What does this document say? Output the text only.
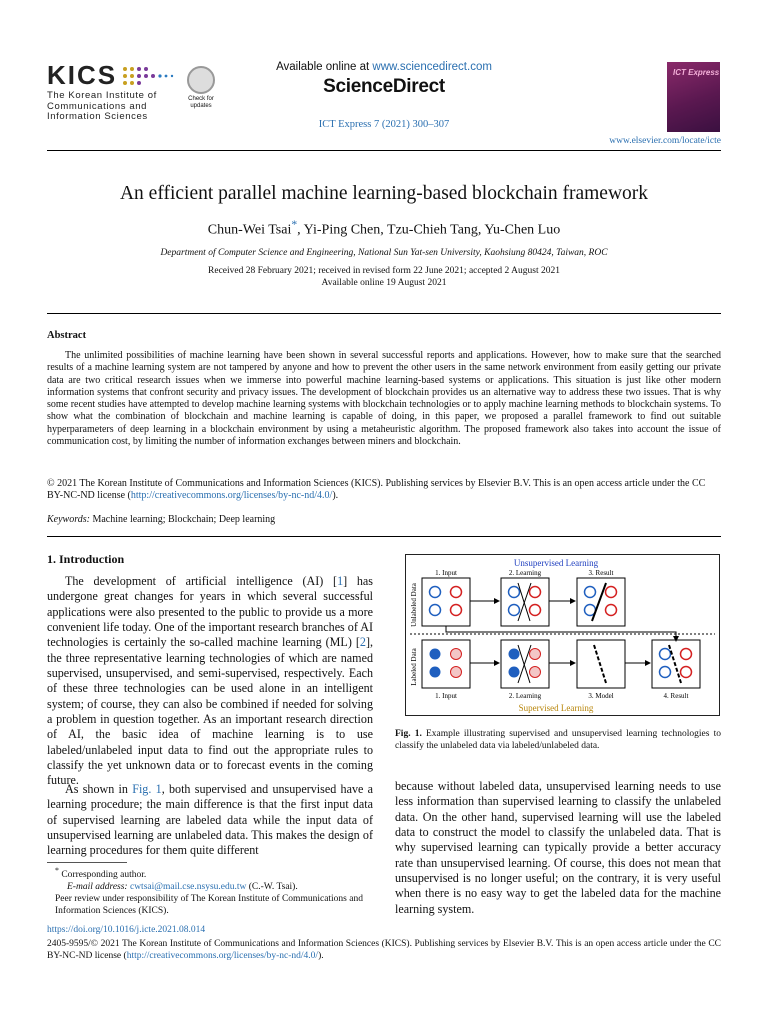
KICS
The Korean Institute of
Communications and
Information Sciences
Check for updates
Available online at www.sciencedirect.com
ScienceDirect
ICT Express 7 (2021) 300–307
ICT Express
www.elsevier.com/locate/icte
An efficient parallel machine learning-based blockchain framework
Chun-Wei Tsai*, Yi-Ping Chen, Tzu-Chieh Tang, Yu-Chen Luo
Department of Computer Science and Engineering, National Sun Yat-sen University, Kaohsiung 80424, Taiwan, ROC
Received 28 February 2021; received in revised form 22 June 2021; accepted 2 August 2021
Available online 19 August 2021
Abstract
The unlimited possibilities of machine learning have been shown in several successful reports and applications. However, how to make sure that the searched results of a machine learning system are not tampered by anyone and how to prevent the other users in the same network environment from easily getting our private data are two critical research issues when we immerse into powerful machine learning-based systems or applications. This situation is just like other modern information systems that confront security and privacy issues. The development of blockchain provides us an alternative way to address these two issues. That is why some recent studies have attempted to develop machine learning systems with blockchain technologies or to apply machine learning methods to blockchain systems. To show what the combination of blockchain and machine learning is capable of doing, in this paper, we proposed a parallel framework to find out suitable hyperparameters of deep learning in a blockchain environment by using a metaheuristic algorithm. The proposed framework also takes into account the issue of communication cost, by limiting the number of information exchanges between miners and blockchain.
© 2021 The Korean Institute of Communications and Information Sciences (KICS). Publishing services by Elsevier B.V. This is an open access article under the CC BY-NC-ND license (http://creativecommons.org/licenses/by-nc-nd/4.0/).
Keywords: Machine learning; Blockchain; Deep learning
1. Introduction
The development of artificial intelligence (AI) [1] has undergone great changes for years in which several successful applications were also presented to the public to provide us a more convenient life today. One of the important research branches of AI technologies is certainly the so-called machine learning (ML) [2], the three representative learning technologies of which are named supervised, unsupervised, and semi-supervised, respectively. Each of these three technologies can be used alone in an intelligent system; of course, they can also be combined if needed for solving a problem in question together. As an important research direction of AI, the basic idea of machine learning is to use labeled/unlabeled input data to find out the appropriate rules to classify the yet unknown data or to forecast events in the coming future.
As shown in Fig. 1, both supervised and unsupervised have a learning procedure; the main difference is that the first input data of supervised learning are labeled data while the input data of unsupervised learning are unlabeled data. This makes the design of learning procedures for them quite different
* Corresponding author.
E-mail address: cwtsai@mail.cse.nsysu.edu.tw (C.-W. Tsai).
Peer review under responsibility of The Korean Institute of Communications and Information Sciences (KICS).
Unsupervised Learning
Supervised Learning
Unlabeled Data
Labeled Data
1. Input	2. Learning	3. Result
1. Input	2. Learning	3. Model	4. Result
Fig. 1. Example illustrating supervised and unsupervised learning technologies to classify the unlabeled data via labeled/unlabeled data.
because without labeled data, unsupervised learning needs to use less information than supervised learning to classify the unlabeled data. On the other hand, supervised learning will use the labeled data to construct the model to classify the unlabeled data. That is why supervised learning can typically provide a better accuracy rate than unsupervised learning. Of course, this does not mean that unsupervised is no longer useful; on the contrary, it is very useful when there is no easy way to get the labeled data for the machine learning system.
https://doi.org/10.1016/j.icte.2021.08.014
2405-9595/© 2021 The Korean Institute of Communications and Information Sciences (KICS). Publishing services by Elsevier B.V. This is an open access article under the CC BY-NC-ND license (http://creativecommons.org/licenses/by-nc-nd/4.0/).
